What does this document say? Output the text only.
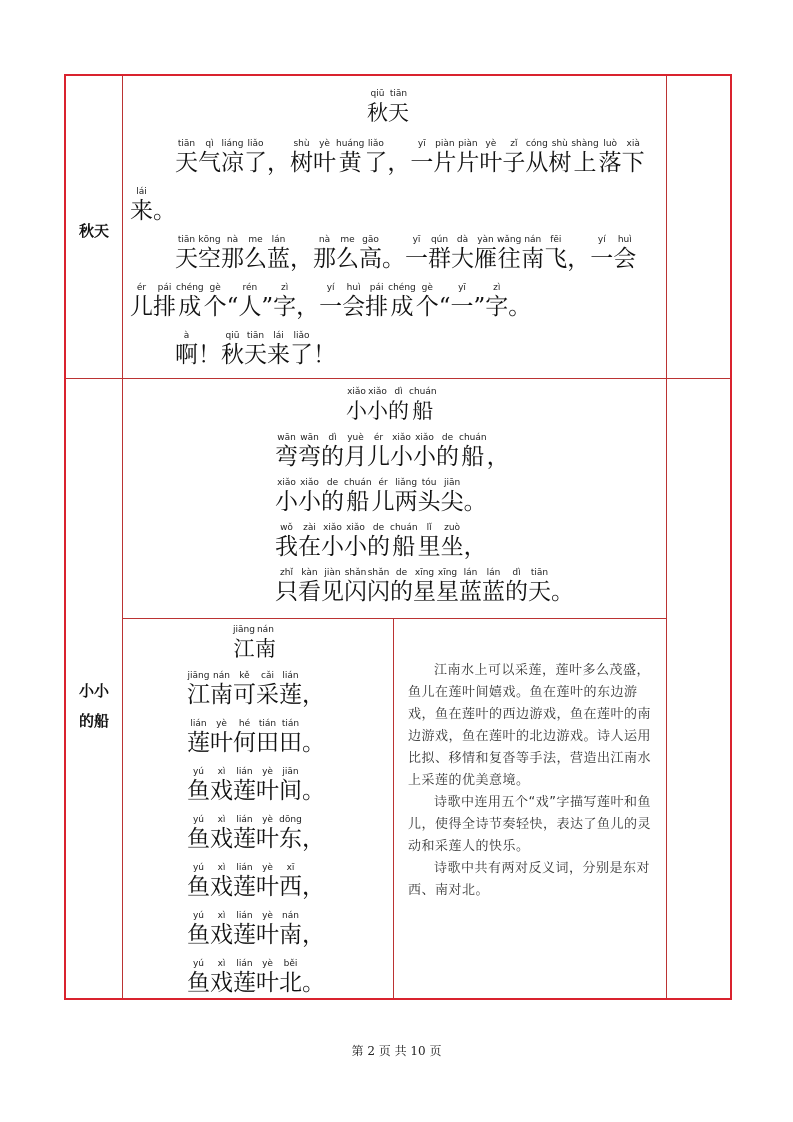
秋天
小小
的船
qiū
秋
tiān
天

tiān
天
qì
气
liáng
凉
liǎo
了 ，
shù
树
yè
叶
huáng
黄
liǎo
了 ，
yī
一
piàn
片
piàn
片
yè
叶
zǐ
子
cóng
从
shù
树
shàng
上
luò
落
xià
下
lái
来 。

tiān
天
kōng
空
nà
那
me
么
lán
蓝 ，
nà
那
me
么
gāo
高 。
yī
一
qún
群
dà
大
yàn
雁
wǎng
往
nán
南
fēi
飞 ，
yí
一
huì
会
ér
儿
pái
排
chéng
成
gè
个 “
rén
人 ”
zì
字 ，
yí
一
huì
会
pái
排
chéng
成
gè
个 “
yī
一 ”
zì
字 。

à
啊 ！
qiū
秋
tiān
天
lái
来
liǎo
了 ！
xiǎo
小
xiǎo
小
dì
的
chuán
船
wān
弯
wān
弯
dì
的
yuè
月
ér
儿
xiǎo
小
xiǎo
小
de
的
chuán
船 ，
xiǎo
小
xiǎo
小
de
的
chuán
船
ér
儿
liǎng
两
tóu
头
jiān
尖 。
wǒ
我
zài
在
xiǎo
小
xiǎo
小
de
的
chuán
船
lǐ
里
zuò
坐 ，
zhǐ
只
kàn
看
jiàn
见
shǎn
闪
shǎn
闪
de
的
xīng
星
xīng
星
lán
蓝
lán
蓝
dì
的
tiān
天 。
jiāng
江
nán
南
jiāng
江
nán
南
kě
可
cǎi
采
lián
莲 ，
lián
莲
yè
叶
hé
何
tián
田
tián
田 。
yú
鱼
xì
戏
lián
莲
yè
叶
jiān
间 。
yú
鱼
xì
戏
lián
莲
yè
叶
dōng
东 ，
yú
鱼
xì
戏
lián
莲
yè
叶
xī
西 ，
yú
鱼
xì
戏
lián
莲
yè
叶
nán
南 ，
yú
鱼
xì
戏
lián
莲
yè
叶
běi
北 。

江南水上可以采莲，莲叶多么茂盛，鱼儿在莲叶间嬉戏。鱼在莲叶的东边游戏，鱼在莲叶的西边游戏，鱼在莲叶的南边游戏，鱼在莲叶的北边游戏。诗人运用比拟、移情和复沓等手法，营造出江南水上采莲的优美意境。

诗歌中连用五个“戏”字描写莲叶和鱼儿，使得全诗节奏轻快，表达了鱼儿的灵动和采莲人的快乐。

诗歌中共有两对反义词，分别是东对西、南对北。

第 2 页 共 10 页
